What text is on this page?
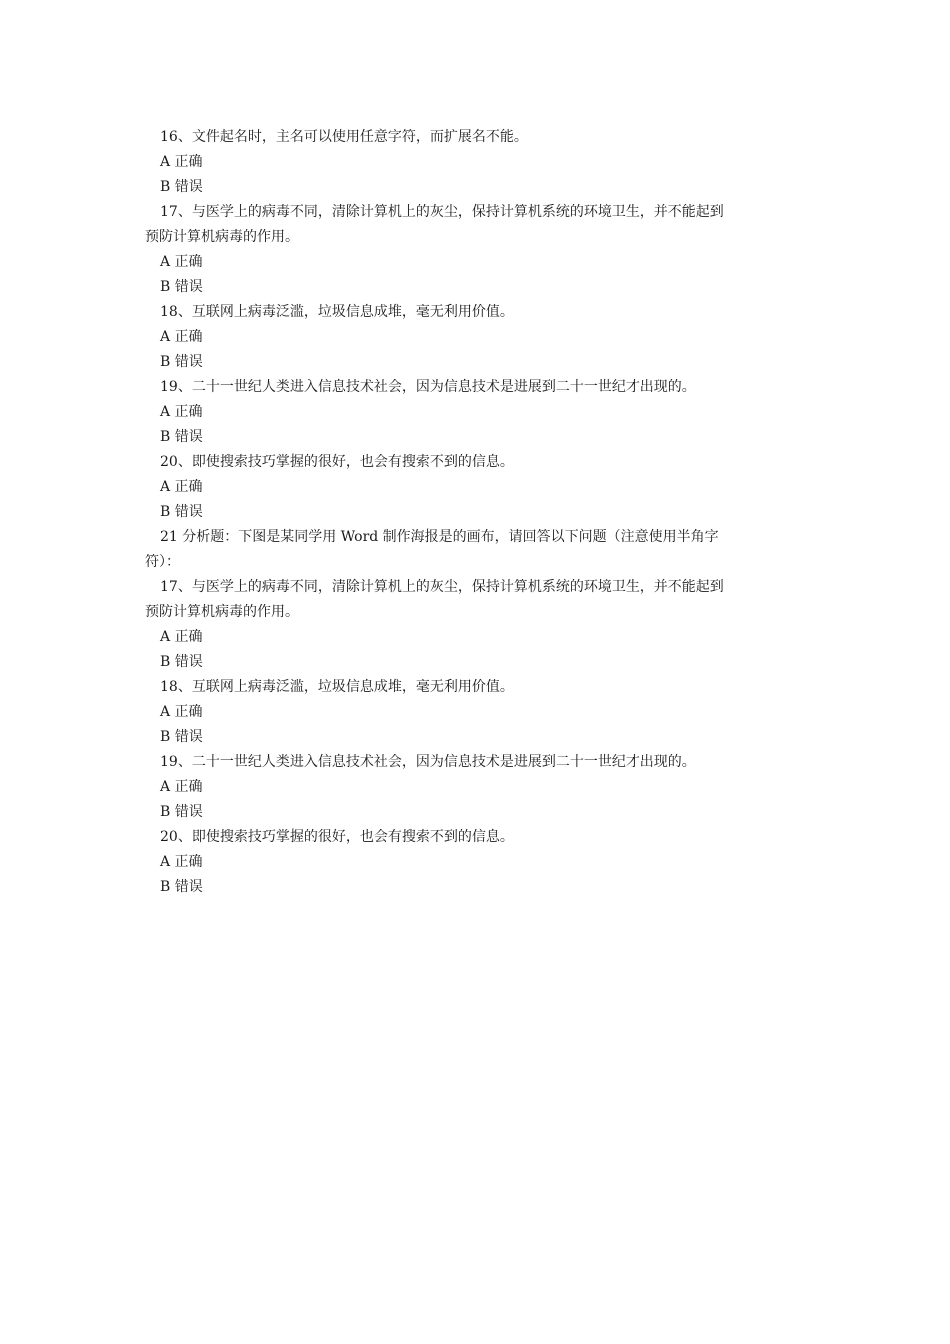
16、文件起名时，主名可以使用任意字符，而扩展名不能。
A 正确
B 错误
17、与医学上的病毒不同，清除计算机上的灰尘，保持计算机系统的环境卫生，并不能起到
预防计算机病毒的作用。
A 正确
B 错误
18、互联网上病毒泛滥，垃圾信息成堆，毫无利用价值。
A 正确
B 错误
19、二十一世纪人类进入信息技术社会，因为信息技术是进展到二十一世纪才出现的。
A 正确
B 错误
20、即使搜索技巧掌握的很好，也会有搜索不到的信息。
A 正确
B 错误
21 分析题：下图是某同学用 Word 制作海报是的画布，请回答以下问题（注意使用半角字
符）：
17、与医学上的病毒不同，清除计算机上的灰尘，保持计算机系统的环境卫生，并不能起到
预防计算机病毒的作用。
A 正确
B 错误
18、互联网上病毒泛滥，垃圾信息成堆，毫无利用价值。
A 正确
B 错误
19、二十一世纪人类进入信息技术社会，因为信息技术是进展到二十一世纪才出现的。
A 正确
B 错误
20、即使搜索技巧掌握的很好，也会有搜索不到的信息。
A 正确
B 错误
